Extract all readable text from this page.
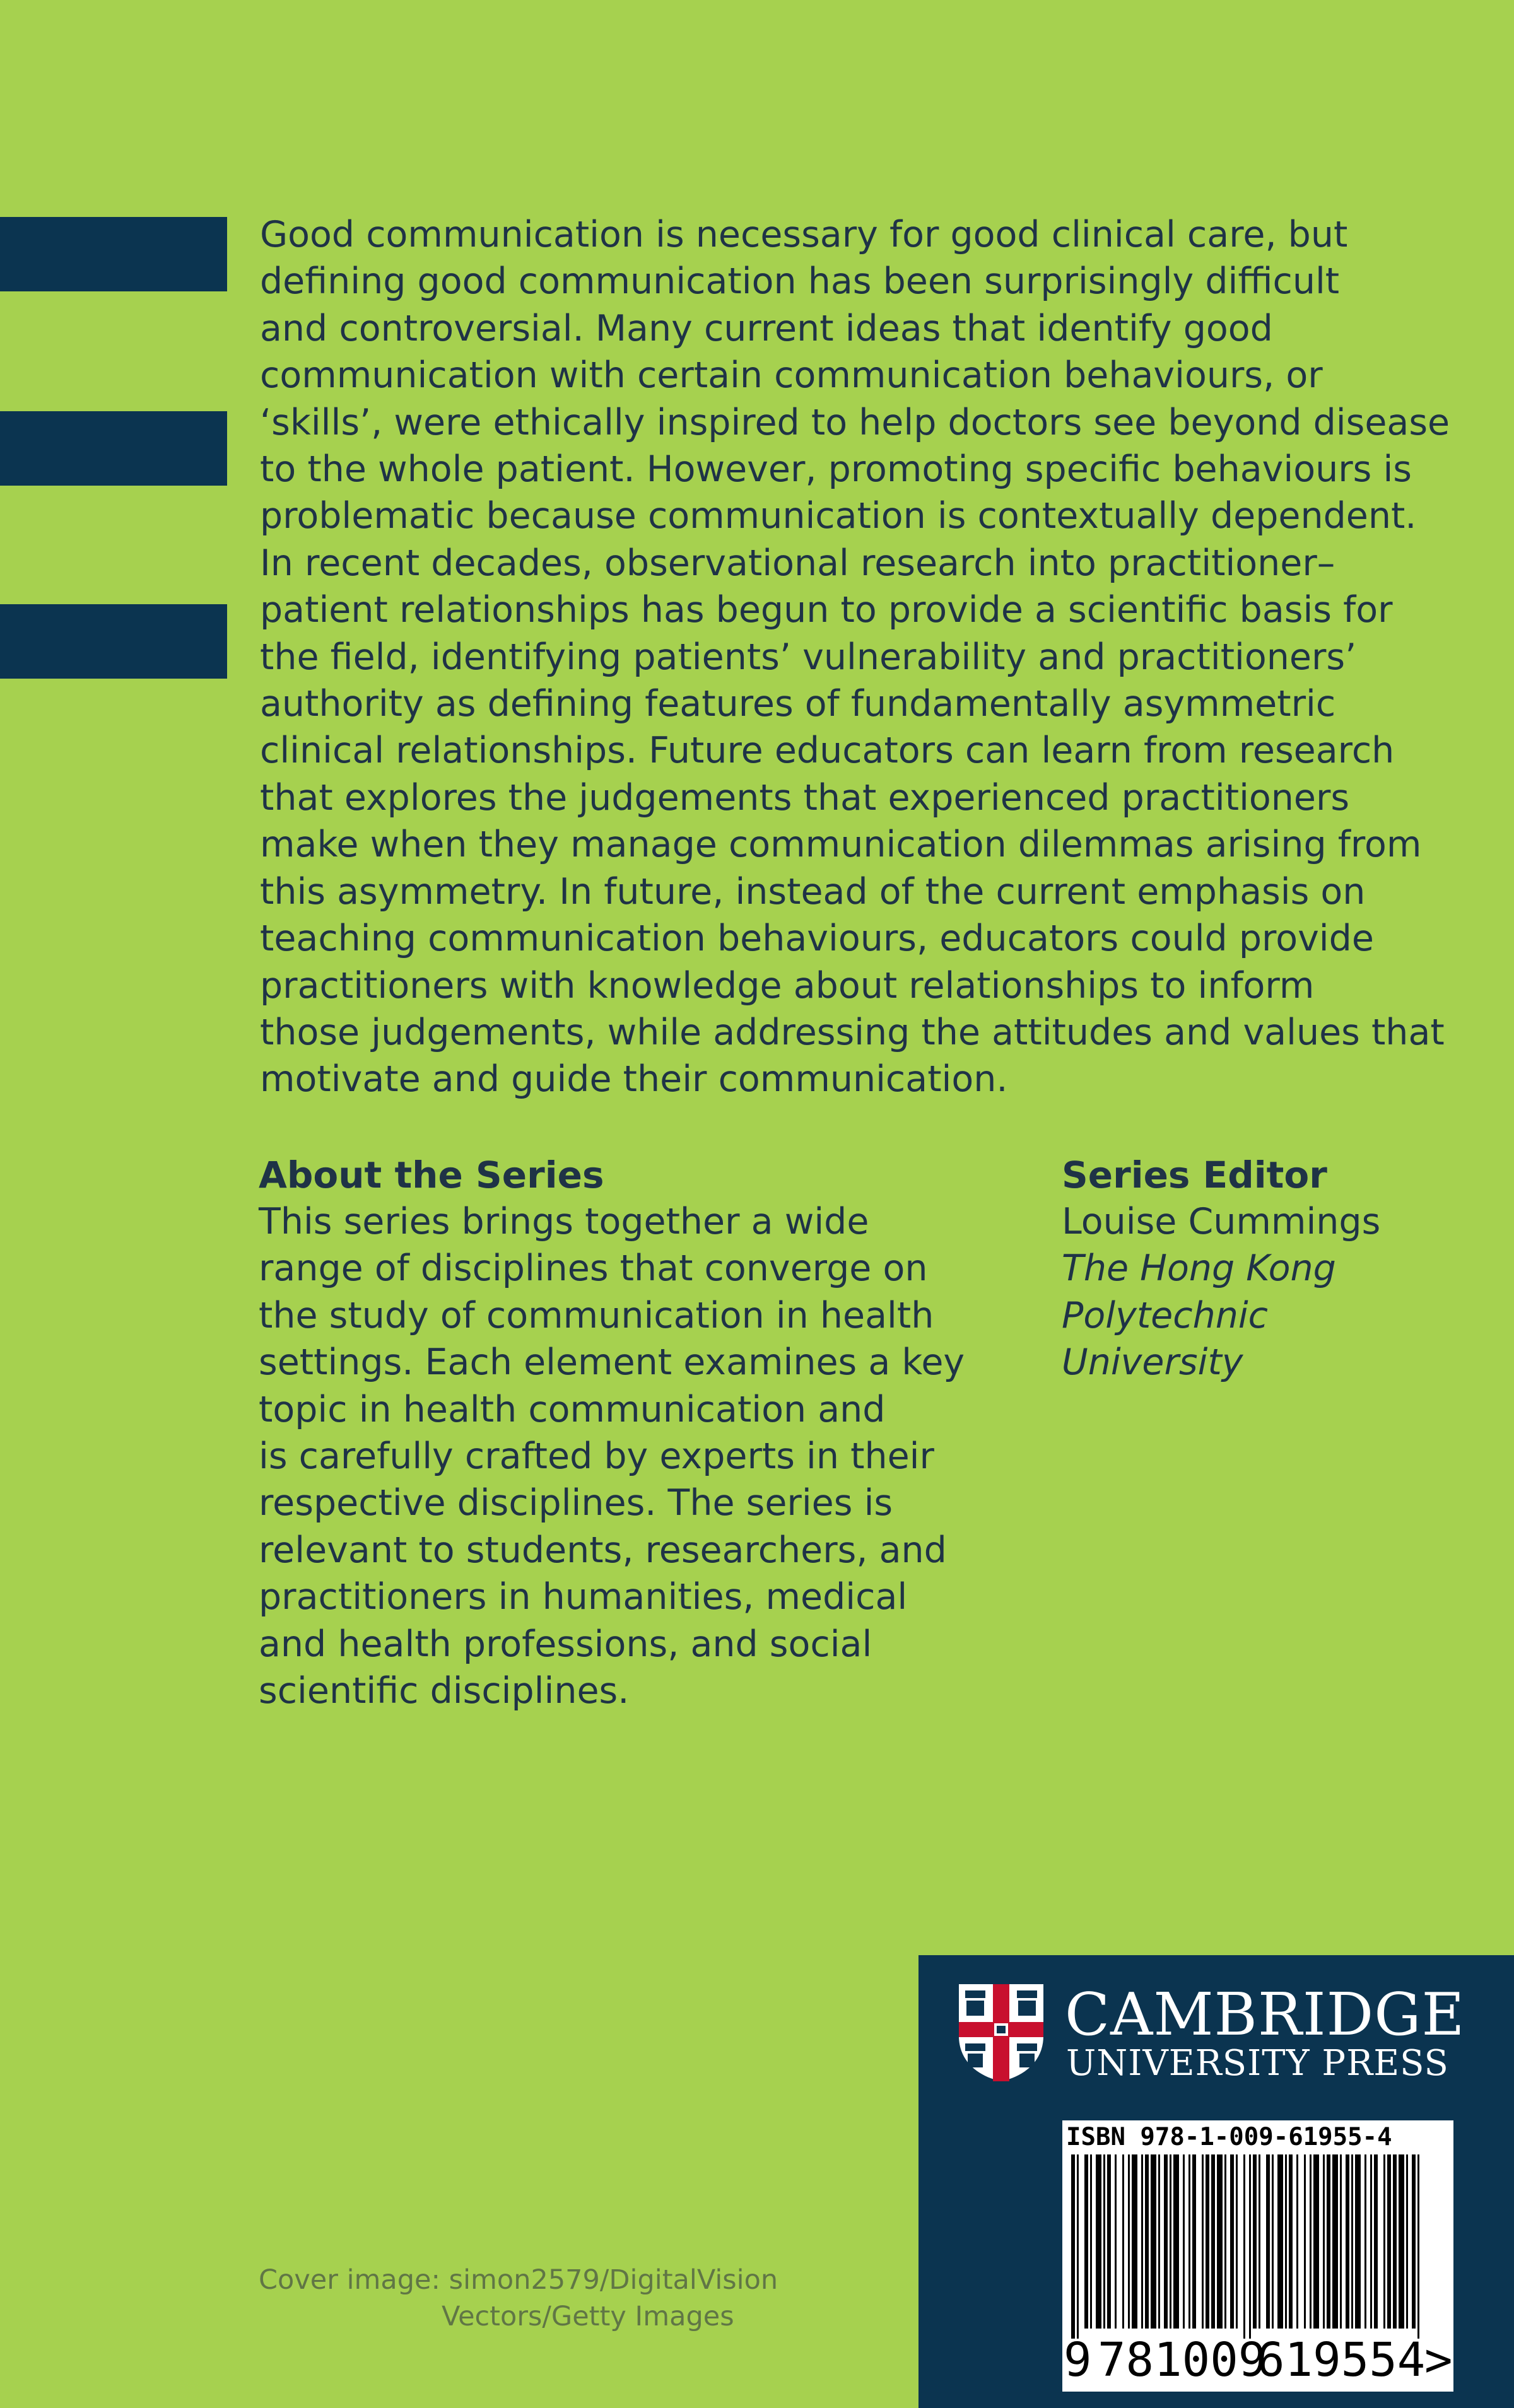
Good communication is necessary for good clinical care, but
defining good communication has been surprisingly difficult
and controversial. Many current ideas that identify good
communication with certain communication behaviours, or
‘skills’, were ethically inspired to help doctors see beyond disease
to the whole patient. However, promoting specific behaviours is
problematic because communication is contextually dependent.
In recent decades, observational research into practitioner–
patient relationships has begun to provide a scientific basis for
the field, identifying patients’ vulnerability and practitioners’
authority as defining features of fundamentally asymmetric
clinical relationships. Future educators can learn from research
that explores the judgements that experienced practitioners
make when they manage communication dilemmas arising from
this asymmetry. In future, instead of the current emphasis on
teaching communication behaviours, educators could provide
practitioners with knowledge about relationships to inform
those judgements, while addressing the attitudes and values that
motivate and guide their communication.

About the Series

This series brings together a wide
range of disciplines that converge on
the study of communication in health
settings. Each element examines a key
topic in health communication and
is carefully crafted by experts in their
respective disciplines. The series is
relevant to students, researchers, and
practitioners in humanities, medical
and health professions, and social
scientific disciplines.

Series Editor

Louise Cummings

The Hong Kong

Polytechnic

University

Cover image: simon2579/DigitalVision
Vectors/Getty Images
CAMBRIDGE
UNIVERSITY PRESS
ISBN 978-1-009-61955-4
9 781009
619554
>
